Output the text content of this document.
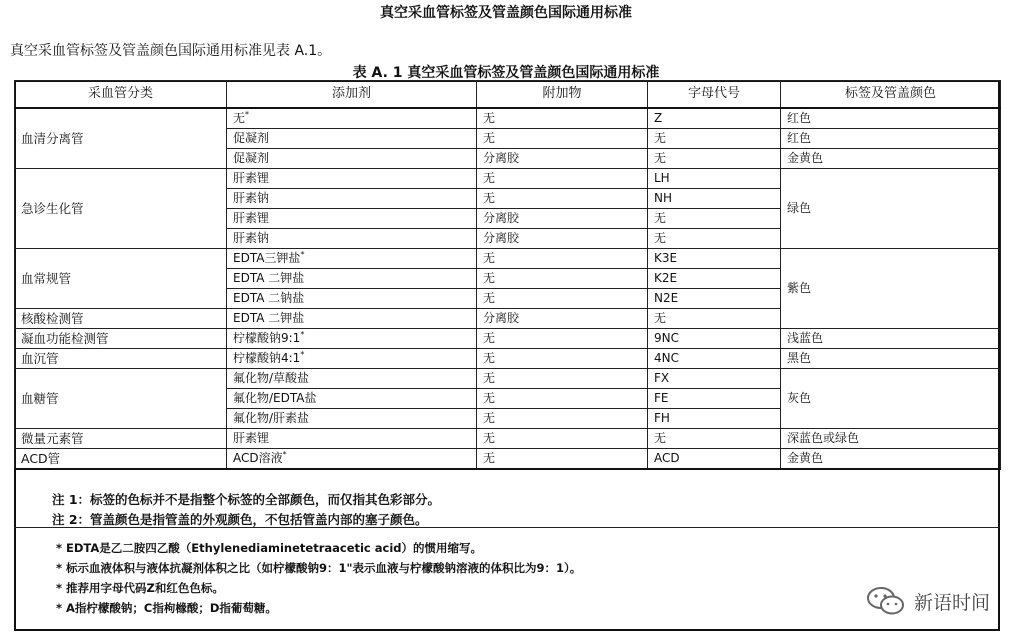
真空采血管标签及管盖颜色国际通用标准
真空采血管标签及管盖颜色国际通用标准见表 A.1。
表 A. 1 真空采血管标签及管盖颜色国际通用标准
采血管分类	添加剂	附加物	字母代号	标签及管盖颜色
血清分离管	无*	无	Z	红色
	促凝剂	无	无	红色
	促凝剂	分离胶	无	金黄色
急诊生化管	肝素锂	无	LH	绿色
	肝素钠	无	NH	
	肝素锂	分离胶	无	
	肝素钠	分离胶	无	
血常规管	EDTA三钾盐*	无	K3E	紫色
	EDTA 二钾盐	无	K2E	
	EDTA 二钠盐	无	N2E	
核酸检测管	EDTA 二钾盐	分离胶	无	
凝血功能检测管	柠檬酸钠9:1*	无	9NC	浅蓝色
血沉管	柠檬酸钠4:1*	无	4NC	黑色
血糖管	氟化物/草酸盐	无	FX	灰色
	氟化物/EDTA盐	无	FE	
	氟化物/肝素盐	无	FH	
微量元素管	肝素锂	无	无	深蓝色或绿色
ACD管	ACD溶液*	无	ACD	金黄色
注 1：标签的色标并不是指整个标签的全部颜色，而仅指其色彩部分。
注 2：管盖颜色是指管盖的外观颜色，不包括管盖内部的塞子颜色。
* EDTA是乙二胺四乙酸（Ethylenediaminetetraacetic acid）的惯用缩写。
* 标示血液体积与液体抗凝剂体积之比（如柠檬酸钠9：1"表示血液与柠檬酸钠溶液的体积比为9：1）。
* 推荐用字母代码Z和红色色标。
* A指柠檬酸钠；C指枸橼酸；D指葡萄糖。	新语时间
